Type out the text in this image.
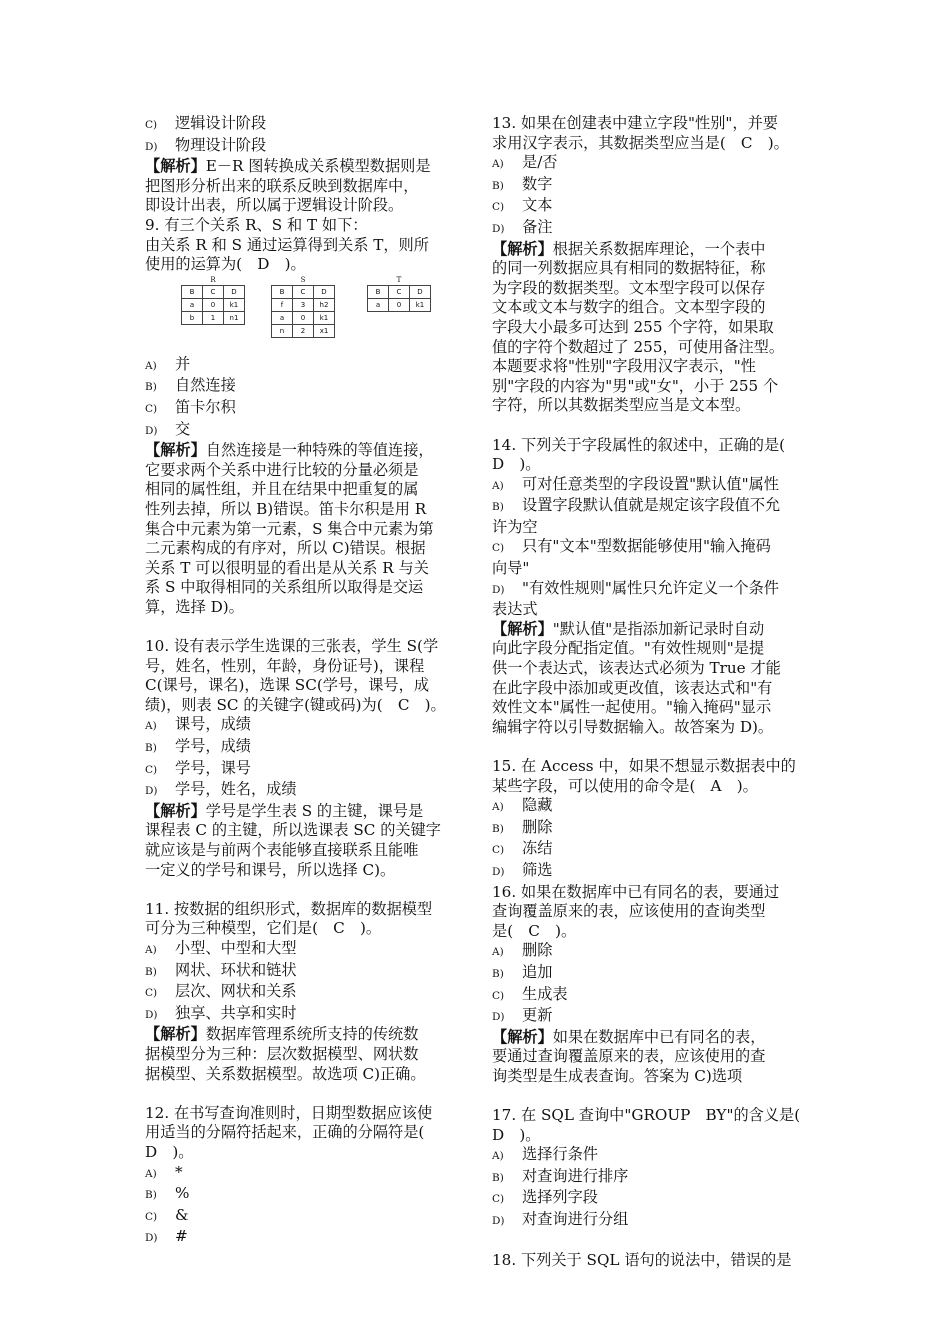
C) 逻辑设计阶段
D) 物理设计阶段
【解析】E－R 图转换成关系模型数据则是
把图形分析出来的联系反映到数据库中，
即设计出表，所以属于逻辑设计阶段。
9. 有三个关系 R、S 和 T 如下：
由关系 R 和 S 通过运算得到关系 T，则所
使用的运算为(　D　)。
R
B	C	D
a	0	k1
b	1	n1
S
B	C	D
f	3	h2
a	0	k1
n	2	x1
T
B	C	D
a	0	k1
A) 并
B) 自然连接
C) 笛卡尔积
D) 交
【解析】自然连接是一种特殊的等值连接，
它要求两个关系中进行比较的分量必须是
相同的属性组，并且在结果中把重复的属
性列去掉，所以 B)错误。笛卡尔积是用 R
集合中元素为第一元素，S 集合中元素为第
二元素构成的有序对，所以 C)错误。根据
关系 T 可以很明显的看出是从关系 R 与关
系 S 中取得相同的关系组所以取得是交运
算，选择 D)。
10. 设有表示学生选课的三张表，学生 S(学
号，姓名，性别，年龄，身份证号)，课程
C(课号，课名)，选课 SC(学号，课号，成
绩)，则表 SC 的关键字(键或码)为(　C　)。
A) 课号，成绩
B) 学号，成绩
C) 学号，课号
D) 学号，姓名，成绩
【解析】学号是学生表 S 的主键，课号是
课程表 C 的主键，所以选课表 SC 的关键字
就应该是与前两个表能够直接联系且能唯
一定义的学号和课号，所以选择 C)。
11. 按数据的组织形式，数据库的数据模型
可分为三种模型，它们是(　C　)。
A) 小型、中型和大型
B) 网状、环状和链状
C) 层次、网状和关系
D) 独享、共享和实时
【解析】数据库管理系统所支持的传统数
据模型分为三种：层次数据模型、网状数
据模型、关系数据模型。故选项 C)正确。
12. 在书写查询准则时，日期型数据应该使
用适当的分隔符括起来，正确的分隔符是(
D　)。
A) *
B) %
C) &
D) #
13. 如果在创建表中建立字段"性别"，并要
求用汉字表示，其数据类型应当是(　C　)。
A) 是/否
B) 数字
C) 文本
D) 备注
【解析】根据关系数据库理论，一个表中
的同一列数据应具有相同的数据特征，称
为字段的数据类型。文本型字段可以保存
文本或文本与数字的组合。文本型字段的
字段大小最多可达到 255 个字符，如果取
值的字符个数超过了 255，可使用备注型。
本题要求将"性别"字段用汉字表示，"性
别"字段的内容为"男"或"女"，小于 255 个
字符，所以其数据类型应当是文本型。
14. 下列关于字段属性的叙述中，正确的是(
D　)。
A) 可对任意类型的字段设置"默认值"属性
B) 设置字段默认值就是规定该字段值不允
许为空
C) 只有"文本"型数据能够使用"输入掩码
向导"
D) "有效性规则"属性只允许定义一个条件
表达式
【解析】"默认值"是指添加新记录时自动
向此字段分配指定值。"有效性规则"是提
供一个表达式，该表达式必须为 True 才能
在此字段中添加或更改值，该表达式和"有
效性文本"属性一起使用。"输入掩码"显示
编辑字符以引导数据输入。故答案为 D)。
15. 在 Access 中，如果不想显示数据表中的
某些字段，可以使用的命令是(　A　)。
A) 隐藏
B) 删除
C) 冻结
D) 筛选
16. 如果在数据库中已有同名的表，要通过
查询覆盖原来的表，应该使用的查询类型
是(　C　)。
A) 删除
B) 追加
C) 生成表
D) 更新
【解析】如果在数据库中已有同名的表，
要通过查询覆盖原来的表，应该使用的查
询类型是生成表查询。答案为 C)选项
17. 在 SQL 查询中"GROUP　BY"的含义是(
D　)。
A) 选择行条件
B) 对查询进行排序
C) 选择列字段
D) 对查询进行分组
18. 下列关于 SQL 语句的说法中，错误的是
